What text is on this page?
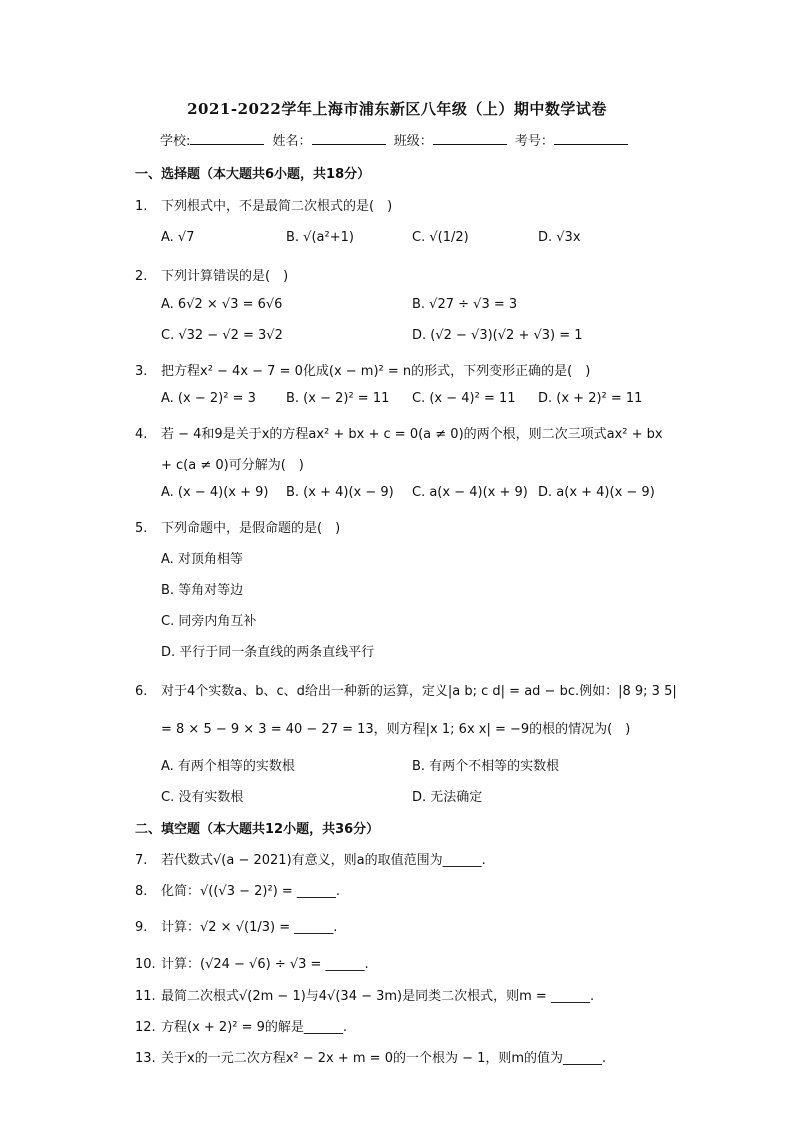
2021-2022学年上海市浦东新区八年级（上）期中数学试卷
学校:	姓名：	班级：	考号：
一、选择题（本大题共6小题，共18分）
1. 下列根式中，不是最简二次根式的是(　)
A. √7	B. √(a²+1)	C. √(1/2)	D. √3x
2. 下列计算错误的是(　)
A. 6√2 × √3 = 6√6	B. √27 ÷ √3 = 3
C. √32 − √2 = 3√2	D. (√2 − √3)(√2 + √3) = 1
3. 把方程x² − 4x − 7 = 0化成(x − m)² = n的形式，下列变形正确的是(　)
A. (x − 2)² = 3 B. (x − 2)² = 11 C. (x − 4)² = 11 D. (x + 2)² = 11
4. 若 − 4和9是关于x的方程ax² + bx + c = 0(a ≠ 0)的两个根，则二次三项式ax² + bx
+ c(a ≠ 0)可分解为(　)
A. (x − 4)(x + 9) B. (x + 4)(x − 9) C. a(x − 4)(x + 9) D. a(x + 4)(x − 9)
5. 下列命题中，是假命题的是(　)
A. 对顶角相等
B. 等角对等边
C. 同旁内角互补
D. 平行于同一条直线的两条直线平行
6. 对于4个实数a、b、c、d给出一种新的运算，定义|a b; c d| = ad − bc.例如：|8 9; 3 5|
= 8 × 5 − 9 × 3 = 40 − 27 = 13，则方程|x 1; 6x x| = −9的根的情况为(　)
A. 有两个相等的实数根	B. 有两个不相等的实数根
C. 没有实数根	D. 无法确定
二、填空题（本大题共12小题，共36分）
7. 若代数式√(a − 2021)有意义，则a的取值范围为______.
8. 化简：√((√3 − 2)²) = ______.
9. 计算：√2 × √(1/3) = ______.
10. 计算：(√24 − √6) ÷ √3 = ______.
11. 最简二次根式√(2m − 1)与4√(34 − 3m)是同类二次根式，则m = ______.
12. 方程(x + 2)² = 9的解是______.
13. 关于x的一元二次方程x² − 2x + m = 0的一个根为 − 1，则m的值为______.
